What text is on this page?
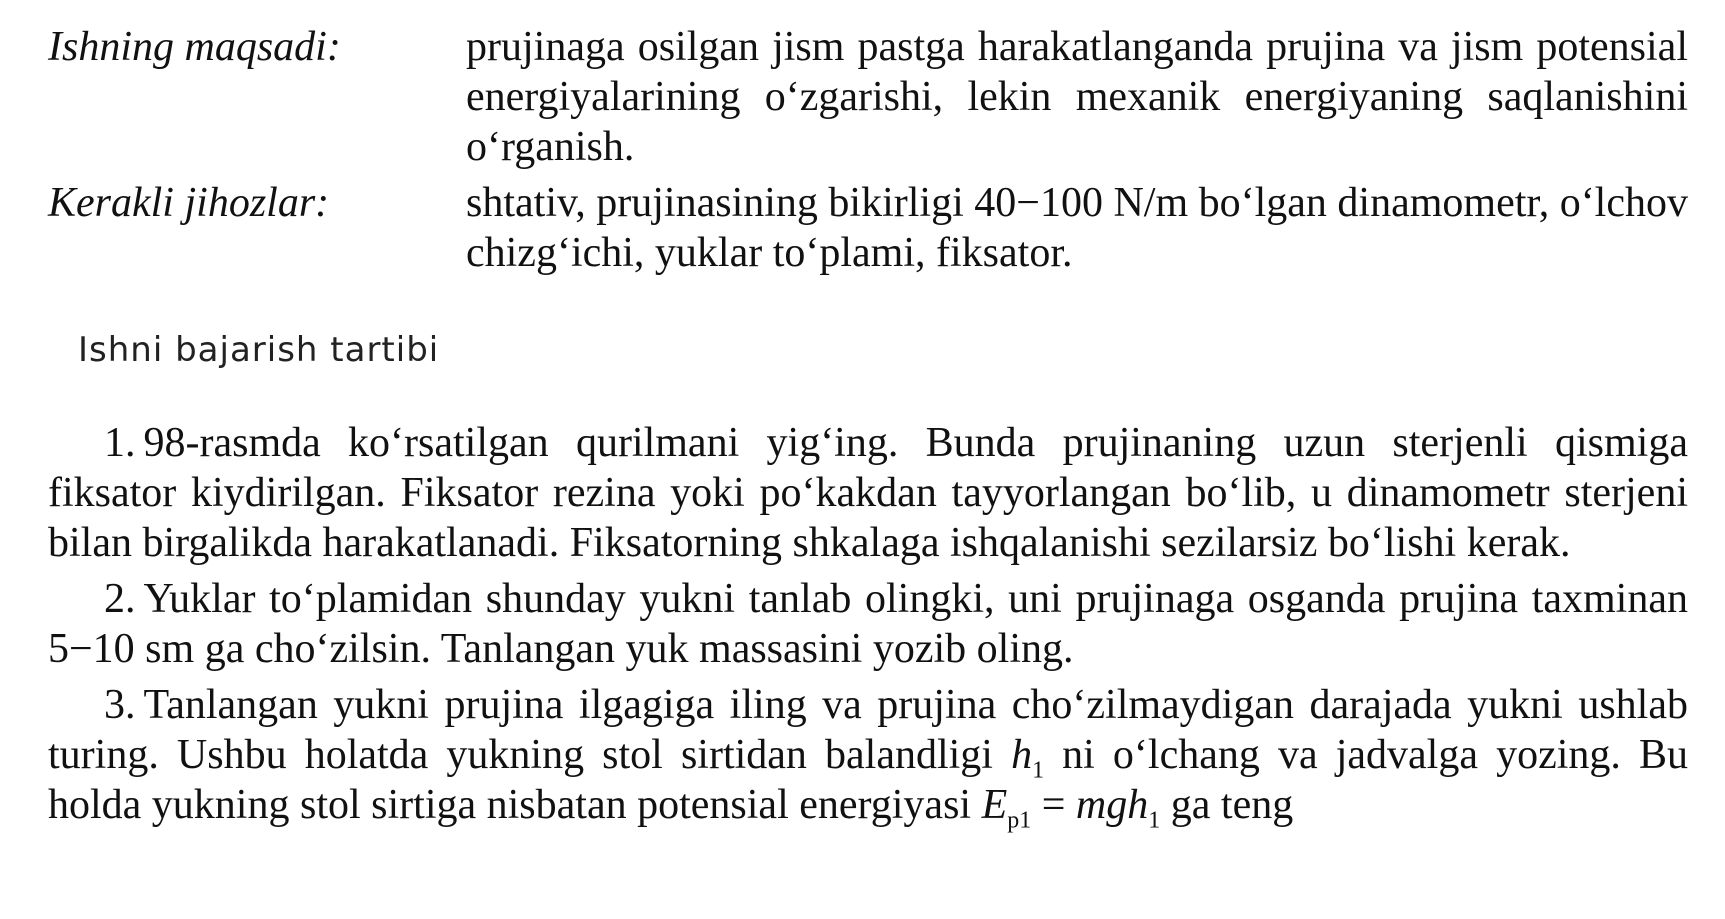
Ishning maqsadi:	prujinaga osilgan jism pastga harakatlanganda prujina va jism potensial energiyalarining o‘zgarishi, lekin mexanik energiyaning saqlanishini o‘rganish.
Kerakli jihozlar:	shtativ, prujinasining bikirligi 40−100 N/m bo‘lgan dinamometr, o‘lchov chizg‘ichi, yuklar to‘plami, fiksator.
Ishni bajarish tartibi

1. 98-rasmda ko‘rsatilgan qurilmani yig‘ing. Bunda prujinaning uzun sterjenli qismiga fiksator kiydirilgan. Fiksator rezina yoki po‘kakdan tayyorlangan bo‘lib, u dinamometr sterjeni bilan birgalikda harakatlanadi. Fiksatorning shkalaga ishqalanishi sezilarsiz bo‘lishi kerak.

2. Yuklar to‘plamidan shunday yukni tanlab olingki, uni prujinaga osganda prujina taxminan 5−10 sm ga cho‘zilsin. Tanlangan yuk massasini yozib oling.

3. Tanlangan yukni prujina ilgagiga iling va prujina cho‘zilmaydigan darajada yukni ushlab turing. Ushbu holatda yukning stol sirtidan balandligi $h_1$ ni o‘lchang va jadvalga yozing. Bu holda yukning stol sirtiga nisbatan potensial energiyasi $E_{p1} = mgh_1$ ga teng
